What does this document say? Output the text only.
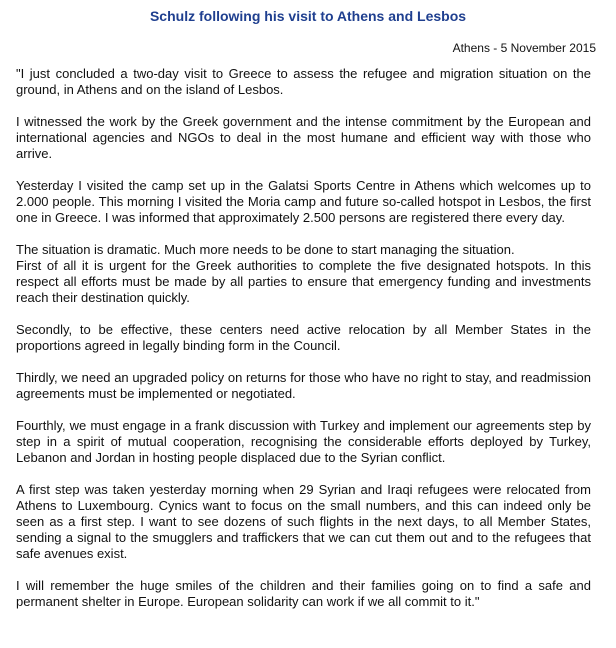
Schulz following his visit to Athens and Lesbos
Athens - 5 November 2015

"I just concluded a two-day visit to Greece to assess the refugee and migration situation on the ground, in Athens and on the island of Lesbos.

I witnessed the work by the Greek government and the intense commitment by the European and international agencies and NGOs to deal in the most humane and efficient way with those who arrive.

Yesterday I visited the camp set up in the Galatsi Sports Centre in Athens which welcomes up to 2.000 people. This morning I visited the Moria camp and future so-called hotspot in Lesbos, the first one in Greece. I was informed that approximately 2.500 persons are registered there every day.

The situation is dramatic. Much more needs to be done to start managing the situation.
First of all it is urgent for the Greek authorities to complete the five designated hotspots. In this respect all efforts must be made by all parties to ensure that emergency funding and investments reach their destination quickly.

Secondly, to be effective, these centers need active relocation by all Member States in the proportions agreed in legally binding form in the Council.

Thirdly, we need an upgraded policy on returns for those who have no right to stay, and readmission agreements must be implemented or negotiated.

Fourthly, we must engage in a frank discussion with Turkey and implement our agreements step by step in a spirit of mutual cooperation, recognising the considerable efforts deployed by Turkey, Lebanon and Jordan in hosting people displaced due to the Syrian conflict.

A first step was taken yesterday morning when 29 Syrian and Iraqi refugees were relocated from Athens to Luxembourg. Cynics want to focus on the small numbers, and this can indeed only be seen as a first step. I want to see dozens of such flights in the next days, to all Member States, sending a signal to the smugglers and traffickers that we can cut them out and to the refugees that safe avenues exist.

I will remember the huge smiles of the children and their families going on to find a safe and permanent shelter in Europe. European solidarity can work if we all commit to it."
